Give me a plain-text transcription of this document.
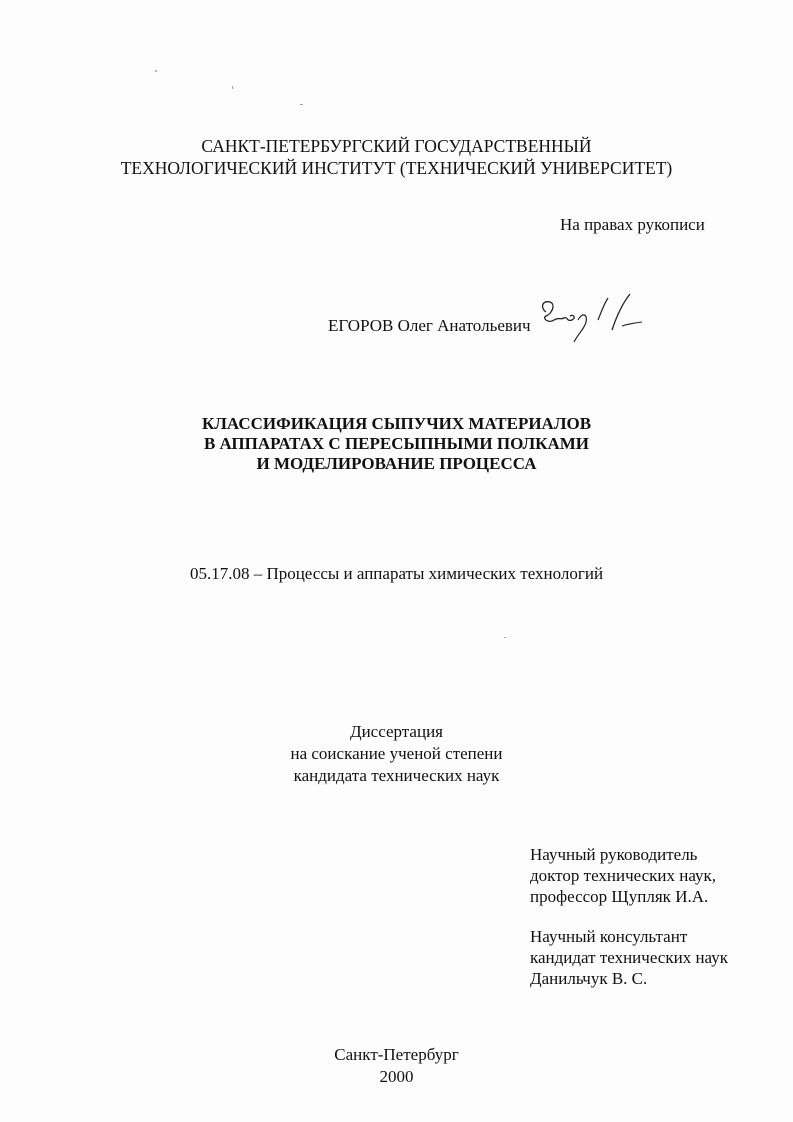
САНКТ-ПЕТЕРБУРГСКИЙ ГОСУДАРСТВЕННЫЙ
ТЕХНОЛОГИЧЕСКИЙ ИНСТИТУТ (ТЕХНИЧЕСКИЙ УНИВЕРСИТЕТ)
На правах рукописи
ЕГОРОВ Олег Анатольевич
КЛАССИФИКАЦИЯ СЫПУЧИХ МАТЕРИАЛОВ
В АППАРАТАХ С ПЕРЕСЫПНЫМИ ПОЛКАМИ
И МОДЕЛИРОВАНИЕ ПРОЦЕССА
05.17.08 – Процессы и аппараты химических технологий
Диссертация
на соискание ученой степени
кандидата технических наук
Научный руководитель
доктор технических наук,
профессор Щупляк И.А.
Научный консультант
кандидат технических наук
Данильчук В. С.
Санкт-Петербург
2000
